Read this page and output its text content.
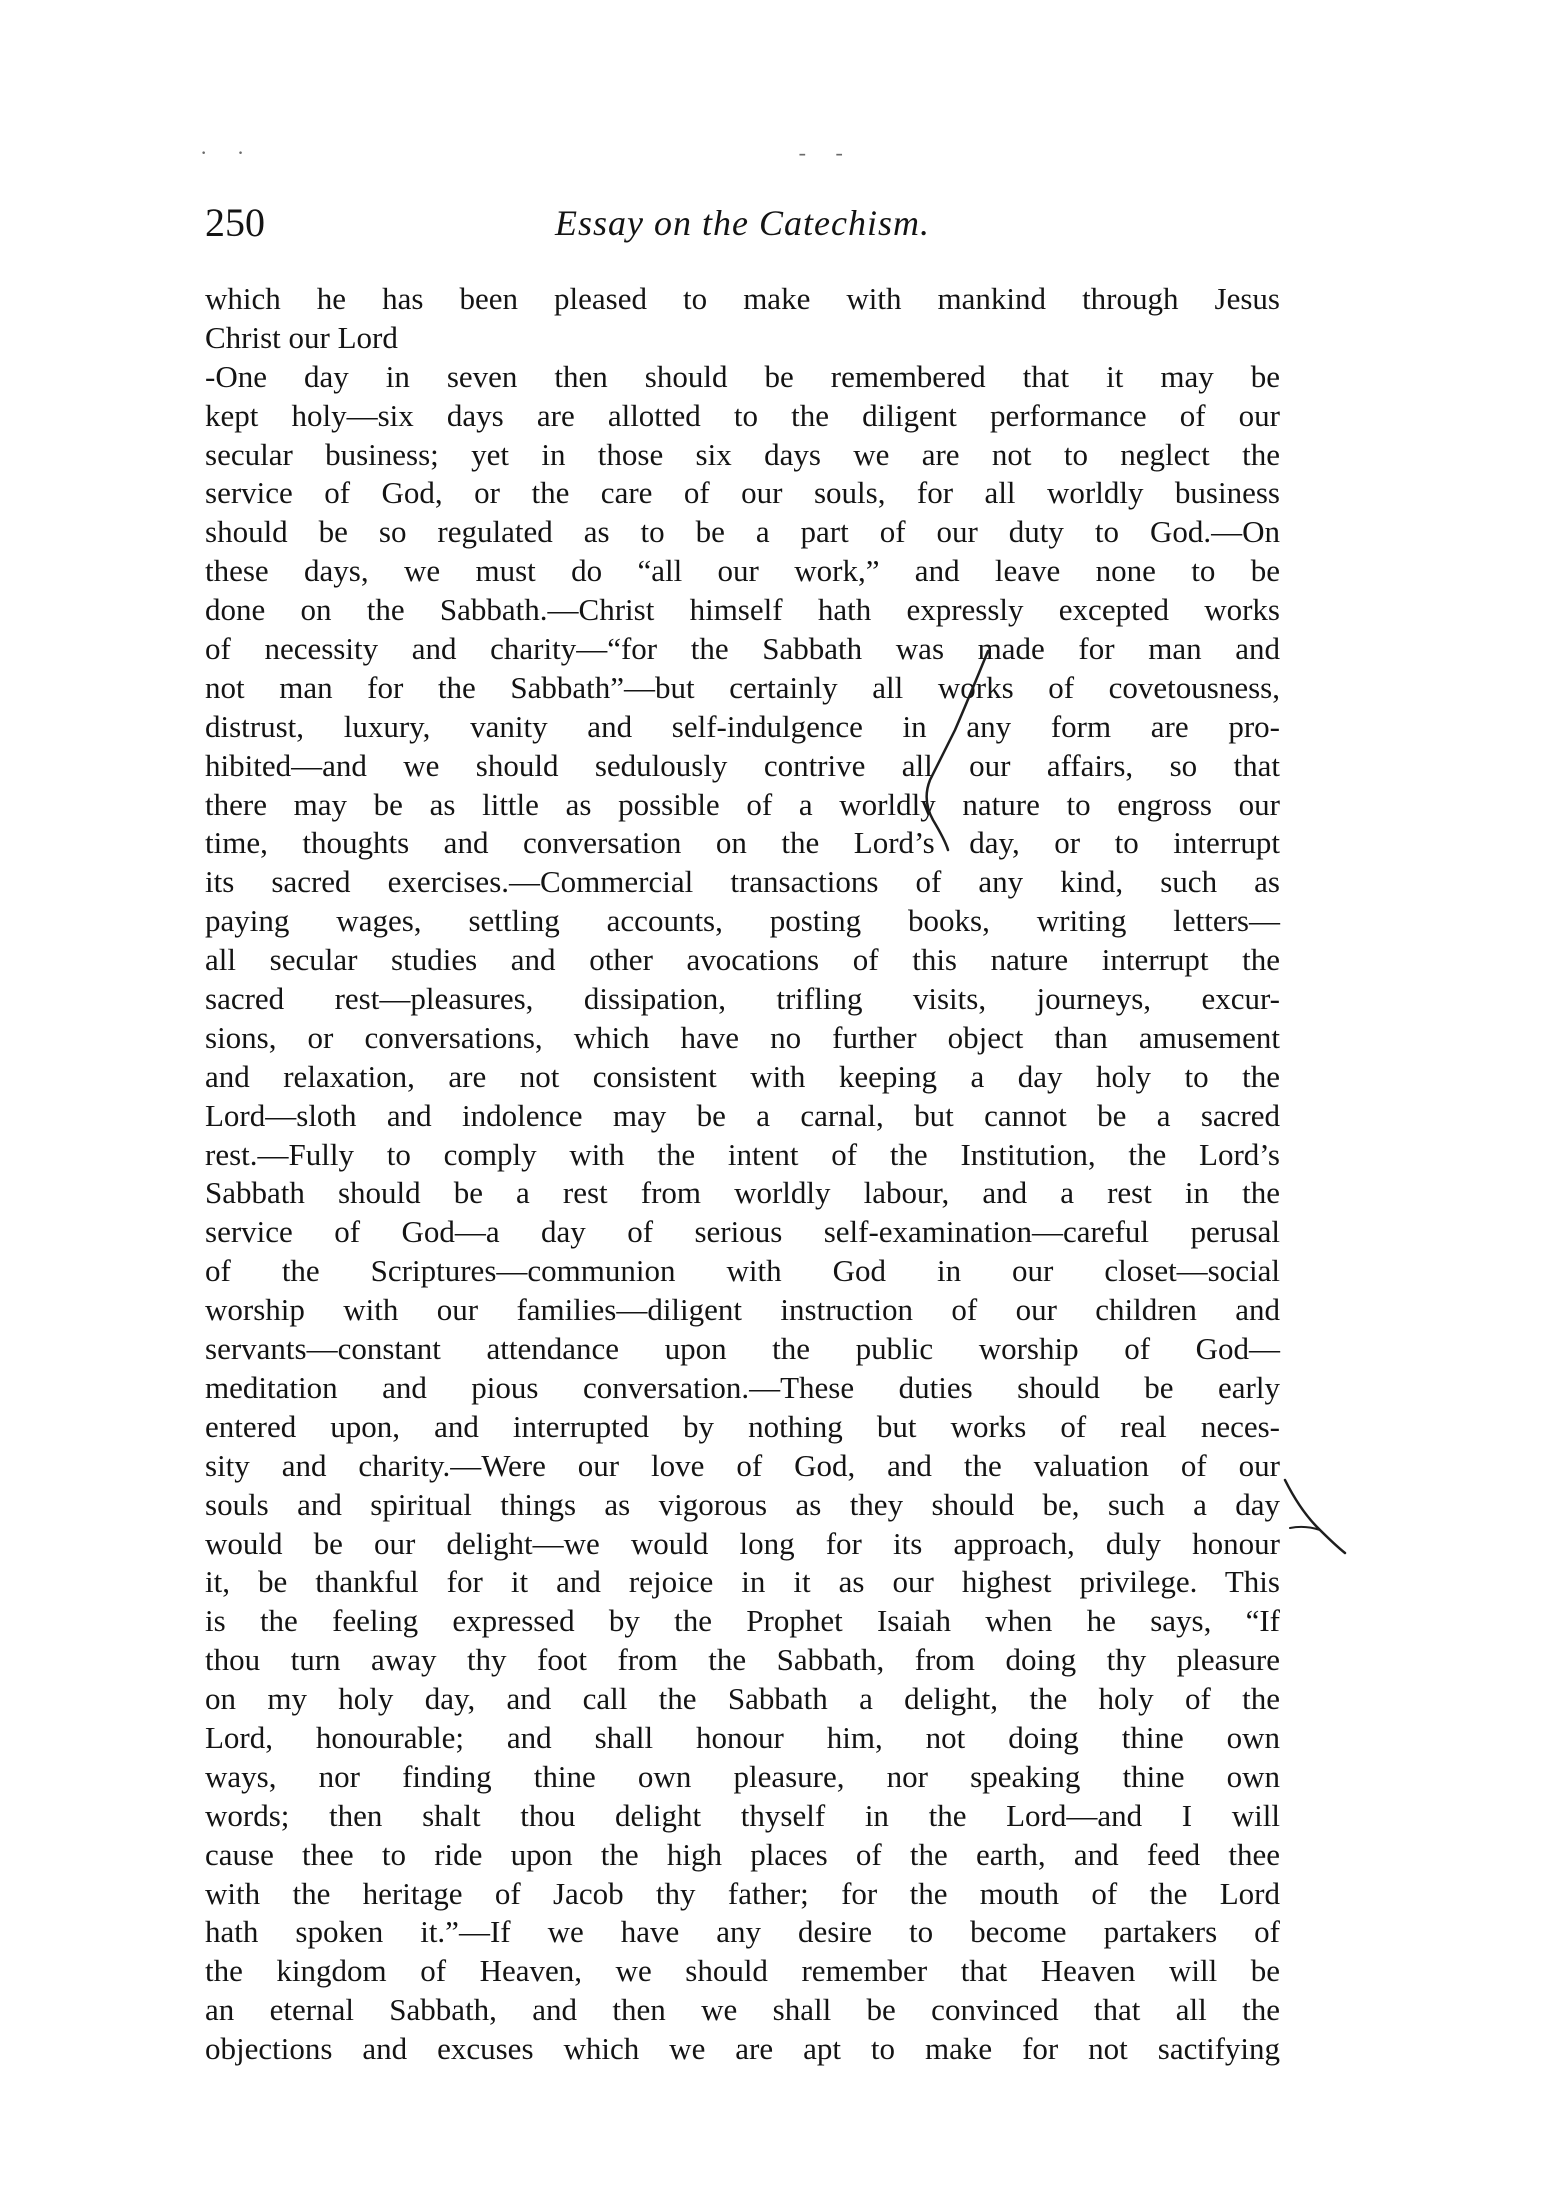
· ·                               - -
250	Essay on the Catechism.
which he has been pleased to make with mankind through Jesus
Christ our Lord
-One day in seven then should be remembered that it may be
kept holy—six days are allotted to the diligent performance of our
secular business; yet in those six days we are not to neglect the
service of God, or the care of our souls, for all worldly business
should be so regulated as to be a part of our duty to God.—On
these days, we must do “all our work,” and leave none to be
done on the Sabbath.—Christ himself hath expressly excepted works
of necessity and charity—“for the Sabbath was made for man and
not man for the Sabbath”—but certainly all works of covetousness,
distrust, luxury, vanity and self-indulgence in any form are pro-
hibited—and we should sedulously contrive all our affairs, so that
there may be as little as possible of a worldly nature to engross our
time, thoughts and conversation on the Lord’s day, or to interrupt
its sacred exercises.—Commercial transactions of any kind, such as
paying wages, settling accounts, posting books, writing letters—
all secular studies and other avocations of this nature interrupt the
sacred rest—pleasures, dissipation, trifling visits, journeys, excur-
sions, or conversations, which have no further object than amusement
and relaxation, are not consistent with keeping a day holy to the
Lord—sloth and indolence may be a carnal, but cannot be a sacred
rest.—Fully to comply with the intent of the Institution, the Lord’s
Sabbath should be a rest from worldly labour, and a rest in the
service of God—a day of serious self-examination—careful perusal
of the Scriptures—communion with God in our closet—social
worship with our families—diligent instruction of our children and
servants—constant attendance upon the public worship of God—
meditation and pious conversation.—These duties should be early
entered upon, and interrupted by nothing but works of real neces-
sity and charity.—Were our love of God, and the valuation of our
souls and spiritual things as vigorous as they should be, such a day
would be our delight—we would long for its approach, duly honour
it, be thankful for it and rejoice in it as our highest privilege. This
is the feeling expressed by the Prophet Isaiah when he says, “If
thou turn away thy foot from the Sabbath, from doing thy pleasure
on my holy day, and call the Sabbath a delight, the holy of the
Lord, honourable; and shall honour him, not doing thine own
ways, nor finding thine own pleasure, nor speaking thine own
words; then shalt thou delight thyself in the Lord—and I will
cause thee to ride upon the high places of the earth, and feed thee
with the heritage of Jacob thy father; for the mouth of the Lord
hath spoken it.”—If we have any desire to become partakers of
the kingdom of Heaven, we should remember that Heaven will be
an eternal Sabbath, and then we shall be convinced that all the
objections and excuses which we are apt to make for not sactifying
